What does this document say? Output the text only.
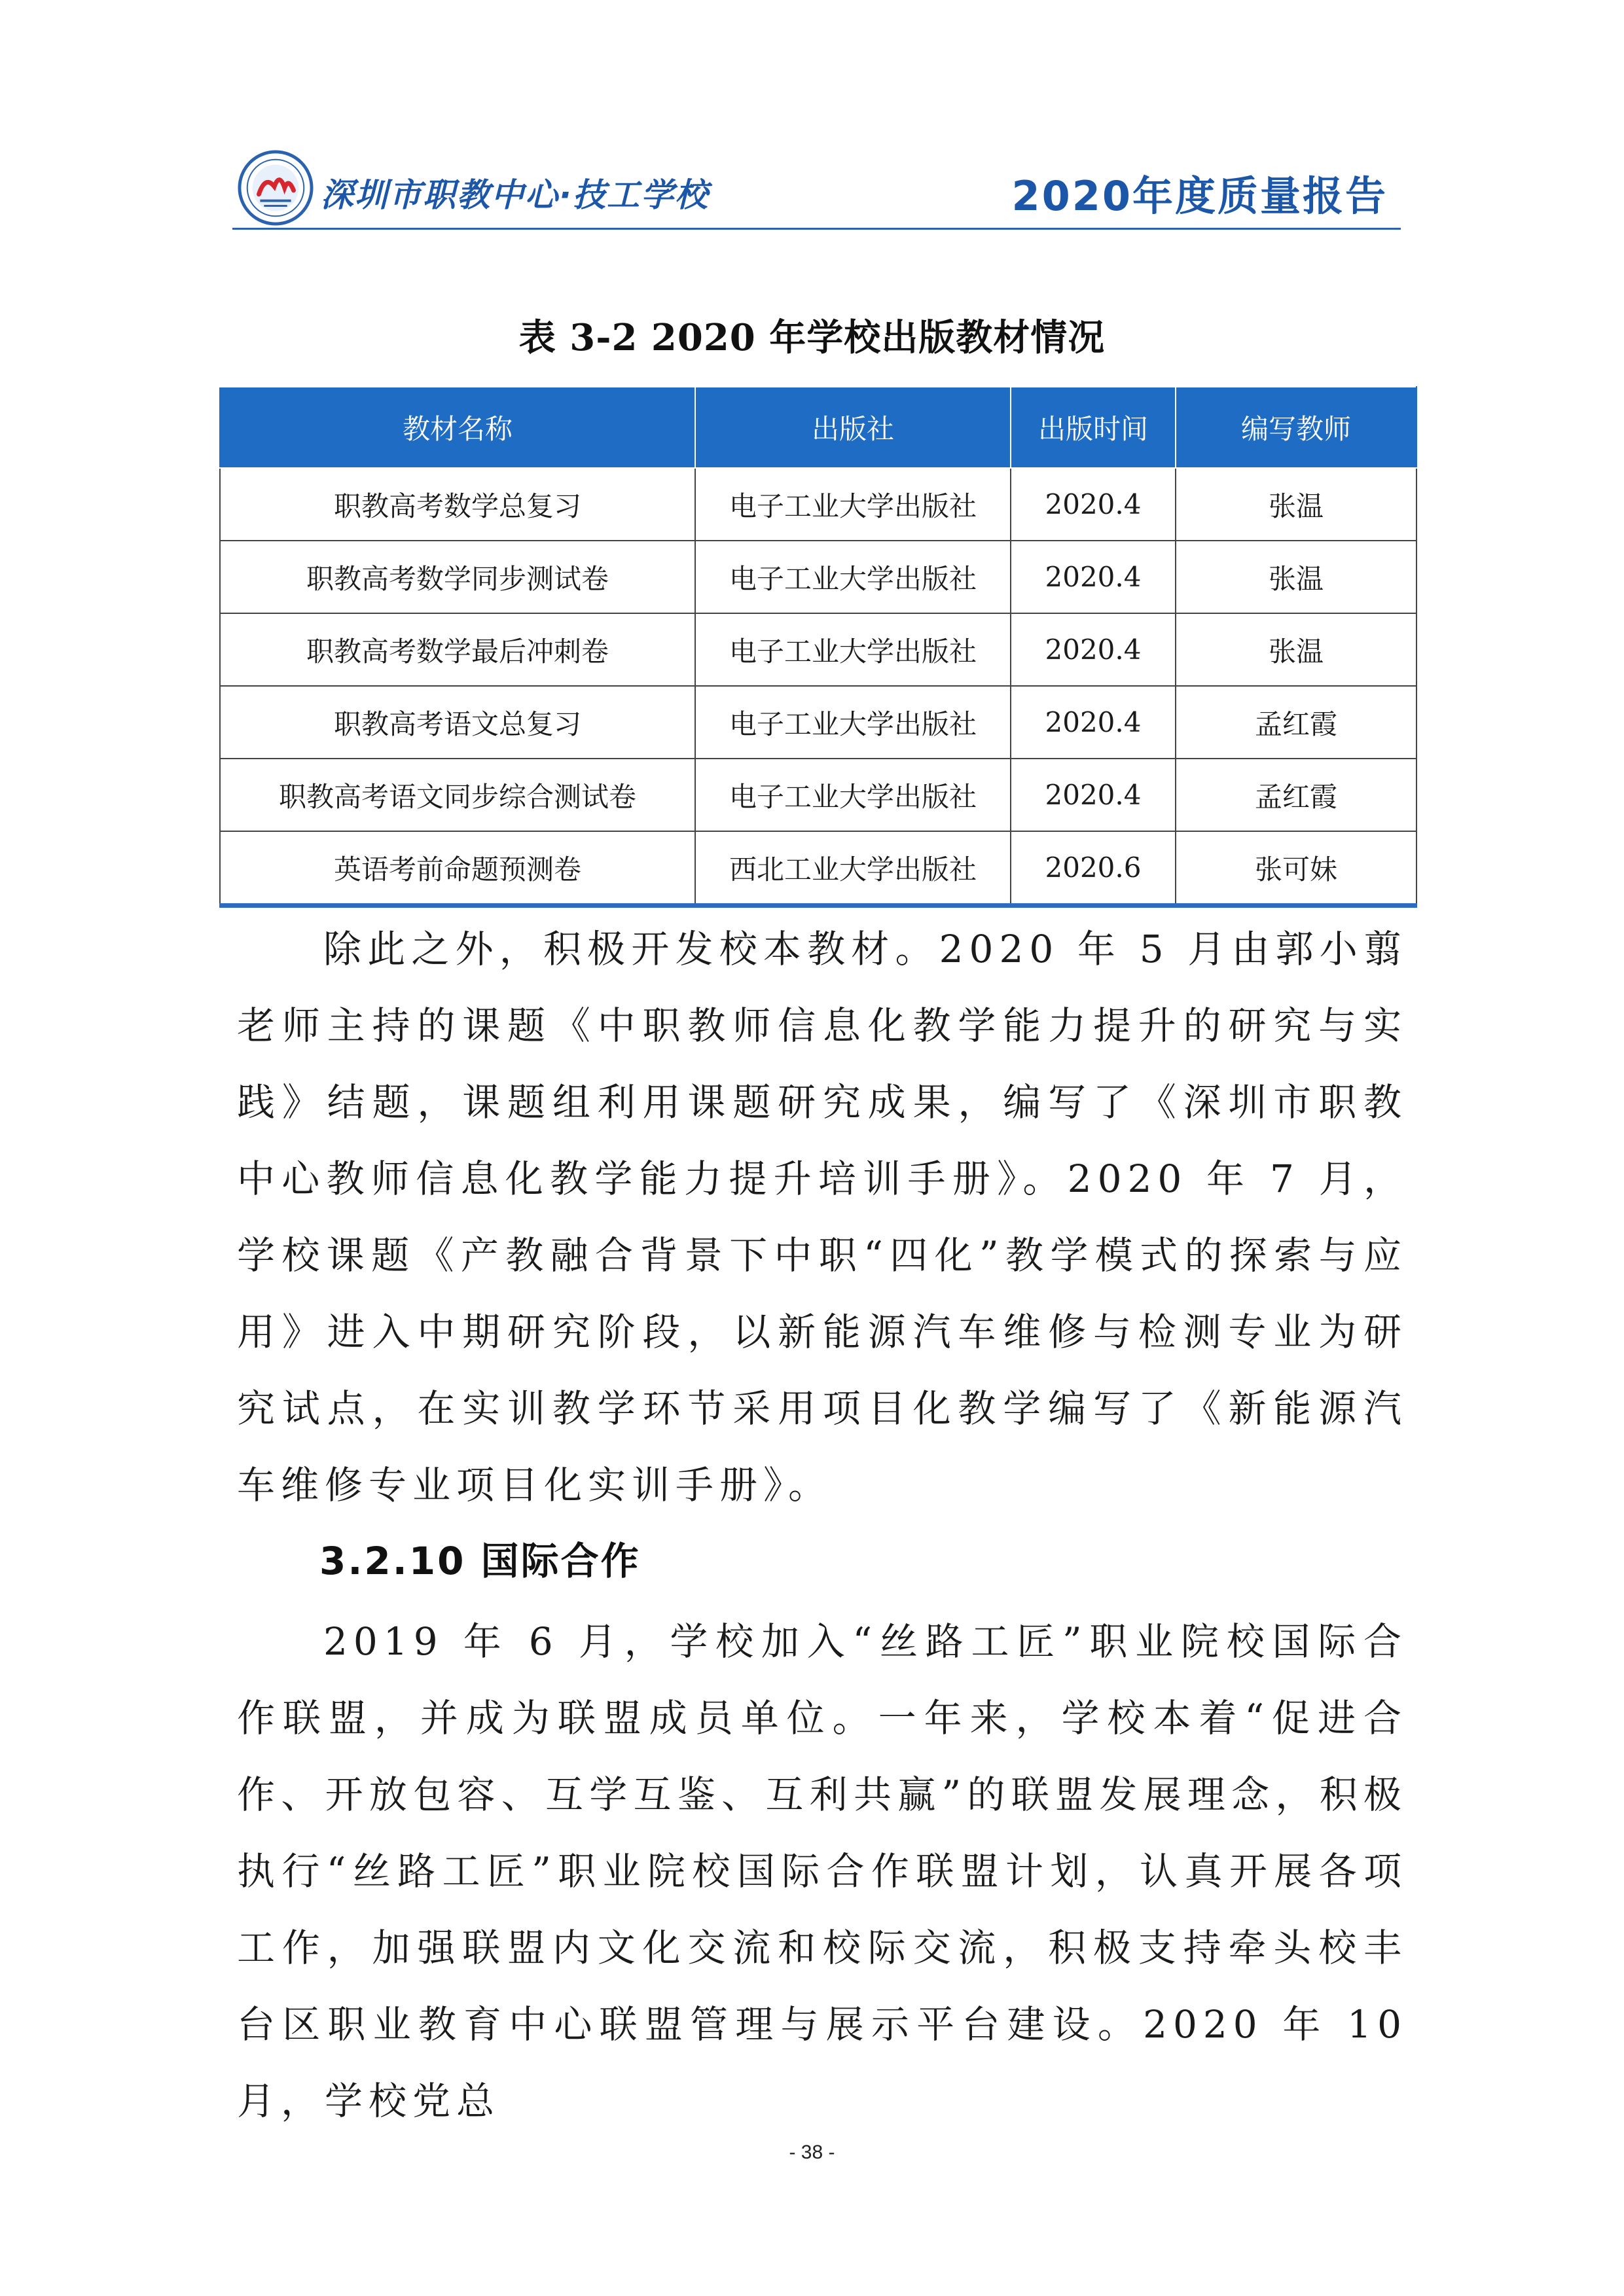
深圳市职教中心·技工学校	2020年度质量报告
表 3-2 2020 年学校出版教材情况
教材名称	出版社	出版时间	编写教师
职教高考数学总复习	电子工业大学出版社	2020.4	张温
职教高考数学同步测试卷	电子工业大学出版社	2020.4	张温
职教高考数学最后冲刺卷	电子工业大学出版社	2020.4	张温
职教高考语文总复习	电子工业大学出版社	2020.4	孟红霞
职教高考语文同步综合测试卷	电子工业大学出版社	2020.4	孟红霞
英语考前命题预测卷	西北工业大学出版社	2020.6	张可妹

除此之外，积极开发校本教材。2020 年 5 月由郭小翦老师主持的课题《中职教师信息化教学能力提升的研究与实践》结题，课题组利用课题研究成果，编写了《深圳市职教中心教师信息化教学能力提升培训手册》。2020 年 7 月，学校课题《产教融合背景下中职“四化”教学模式的探索与应用》进入中期研究阶段，以新能源汽车维修与检测专业为研究试点，在实训教学环节采用项目化教学编写了《新能源汽车维修专业项目化实训手册》。

3.2.10 国际合作

2019 年 6 月，学校加入“丝路工匠”职业院校国际合作联盟，并成为联盟成员单位。一年来，学校本着“促进合作、开放包容、互学互鉴、互利共赢”的联盟发展理念，积极执行“丝路工匠”职业院校国际合作联盟计划，认真开展各项工作，加强联盟内文化交流和校际交流，积极支持牵头校丰台区职业教育中心联盟管理与展示平台建设。2020 年 10 月，学校党总

- 38 -
